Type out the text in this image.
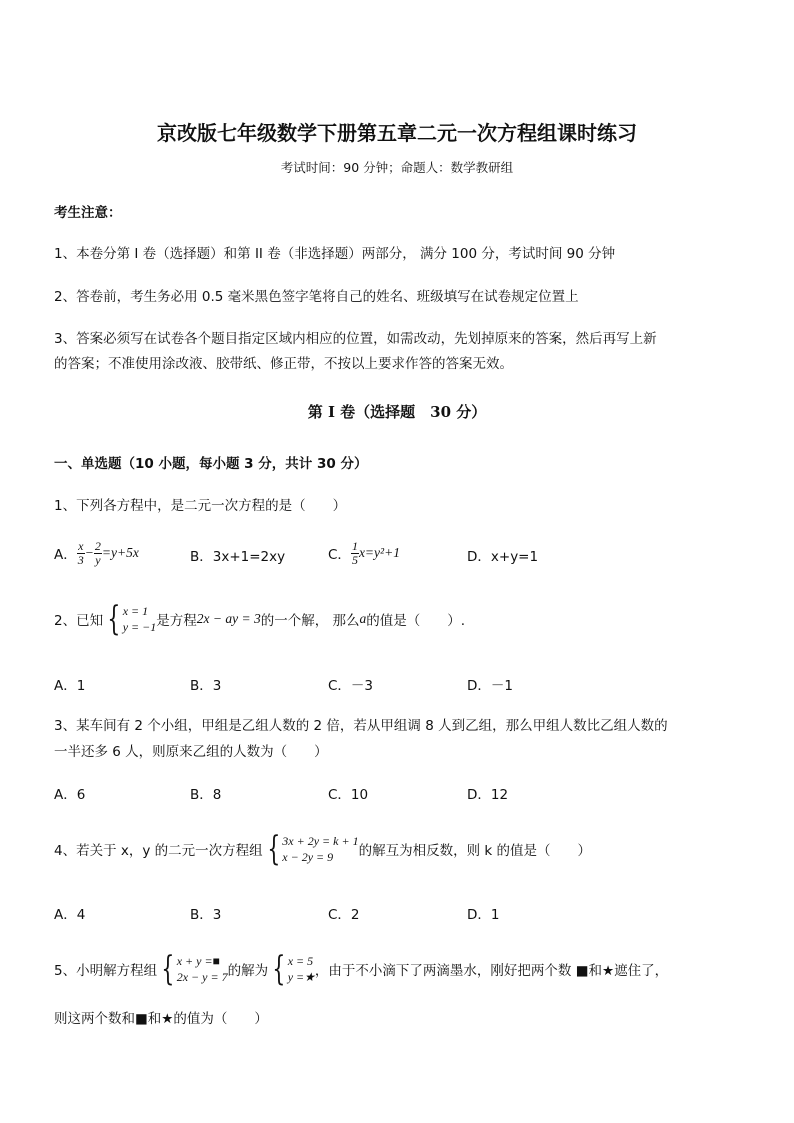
京改版七年级数学下册第五章二元一次方程组课时练习
考试时间：90 分钟；命题人：数学教研组
考生注意：
1、本卷分第 I 卷（选择题）和第 II 卷（非选择题）两部分， 满分 100 分，考试时间 90 分钟
2、答卷前，考生务必用 0.5 毫米黑色签字笔将自己的姓名、班级填写在试卷规定位置上
3、答案必须写在试卷各个题目指定区域内相应的位置，如需改动，先划掉原来的答案，然后再写上新
的答案；不准使用涂改液、胶带纸、修正带，不按以上要求作答的答案无效。
第 I 卷（选择题　30 分）
一、单选题（10 小题，每小题 3 分，共计 30 分）
1、下列各方程中，是二元一次方程的是（　　）
A． $\frac{x}{3} - \frac{2}{y} =y+5x$	B．3x+1=2xy	C． $\frac{1}{5} x=y^2+1$	D．x+y=1
2、已知 { x = 1
y = −1 是方程 2x − ay = 3 的一个解， 那么 a 的值是（　　）.
A．1	B．3	C．－3	D．－1
3、某车间有 2 个小组，甲组是乙组人数的 2 倍，若从甲组调 8 人到乙组，那么甲组人数比乙组人数的
一半还多 6 人，则原来乙组的人数为（　　）
A．6	B．8	C．10	D．12
4、若关于 x，y 的二元一次方程组 { 3x + 2y = k + 1
x − 2y = 9	的解互为相反数，则 k 的值是（　　）
A．4	B．3	C．2	D．1
5、小明解方程组 { x + y =■
2x − y = 7 的解为 { x = 5
y =★ ，由于不小滴下了两滴墨水，刚好把两个数 ■和★遮住了，
则这两个数和■和★的值为（　　）
